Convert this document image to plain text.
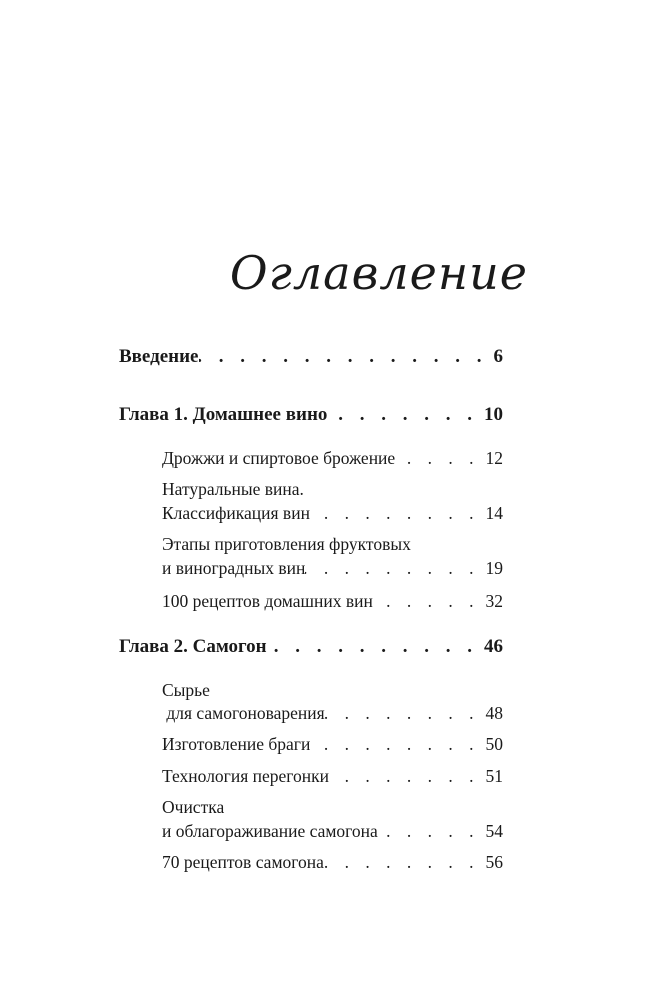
Оглавление
Введение . . .	6
Глава 1. Домашнее вино . . .	10
Дрожжи и спиртовое брожение . . .	12
Натуральные вина.
Классификация вин . . .	14
Этапы приготовления фруктовых
и виноградных вин . . .	19
100 рецептов домашних вин . . .	32
Глава 2. Самогон . . .	46
Сырье
для самогоноварения . . .	48
Изготовление браги . . .	50
Технология перегонки . . .	51
Очистка
и облагораживание самогона . . .	54
70 рецептов самогона . . .	56
